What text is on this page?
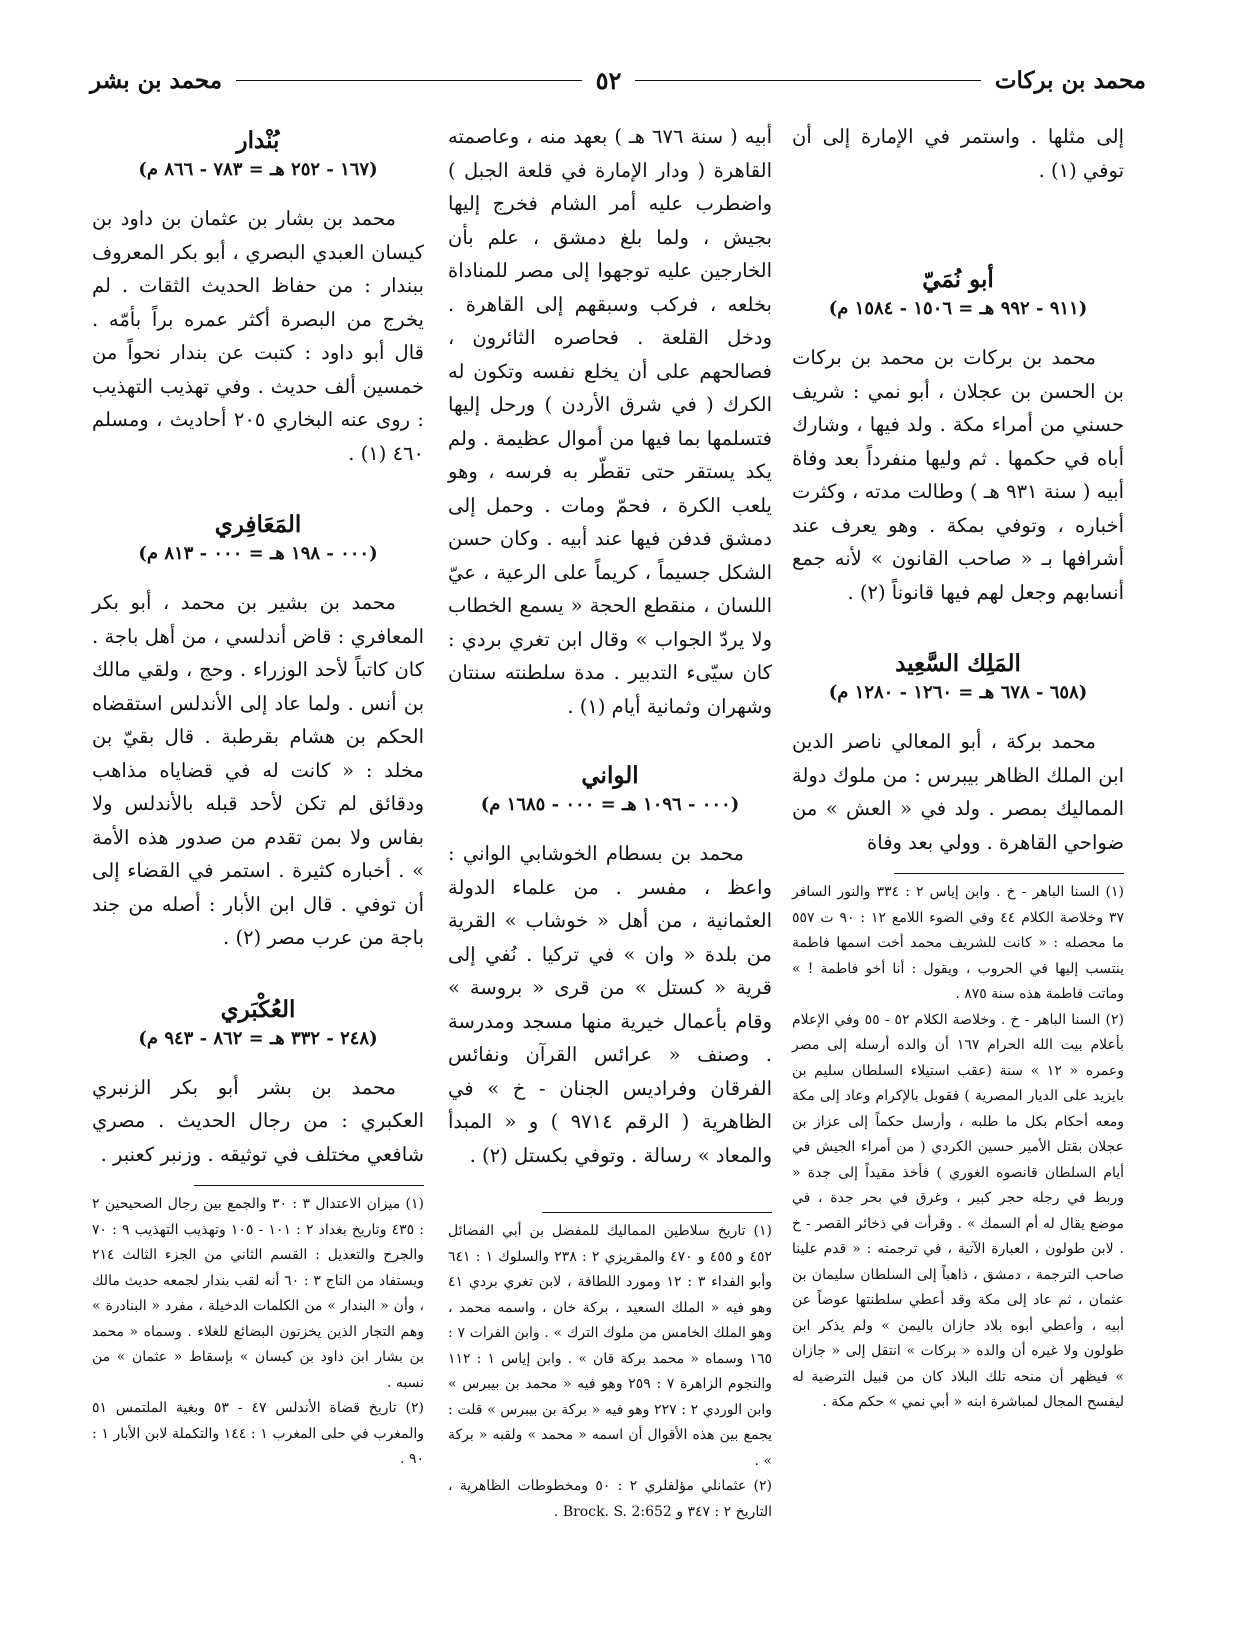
محمد بن بركات
٥٢
محمد بن بشر

إلى مثلها . واستمر في الإمارة إلى أن توفي (١) .

أبو نُمَيّ
(٩١١ - ٩٩٢ هـ = ١٥٠٦ - ١٥٨٤ م)

محمد بن بركات بن محمد بن بركات بن الحسن بن عجلان ، أبو نمي : شريف حسني من أمراء مكة . ولد فيها ، وشارك أباه في حكمها . ثم وليها منفرداً بعد وفاة أبيه ( سنة ٩٣١ هـ ) وطالت مدته ، وكثرت أخباره ، وتوفي بمكة . وهو يعرف عند أشرافها بـ « صاحب القانون » لأنه جمع أنسابهم وجعل لهم فيها قانوناً (٢) .

المَلِك السَّعِيد
(٦٥٨ - ٦٧٨ هـ = ١٢٦٠ - ١٢٨٠ م)

محمد بركة ، أبو المعالي ناصر الدين ابن الملك الظاهر بيبرس : من ملوك دولة المماليك بمصر . ولد في « العش » من ضواحي القاهرة . وولي بعد وفاة

(١) السنا الباهر - خ . وابن إياس ٢ : ٣٣٤ والنور السافر ٣٧ وخلاصة الكلام ٤٤ وفي الضوء اللامع ١٢ : ٩٠ ت ٥٥٧ ما محصله : « كانت للشريف محمد أخت اسمها فاطمة ينتسب إليها في الحروب ، ويقول : أنا أخو فاطمة ! » وماتت فاطمة هذه سنة ٨٧٥ .
(٢) السنا الباهر - خ . وخلاصة الكلام ٥٢ - ٥٥ وفي الإعلام بأعلام بيت الله الحرام ١٦٧ أن والده أرسله إلى مصر وعمره « ١٢ » سنة (عقب استيلاء السلطان سليم بن بايزيد على الديار المصرية ) فقوبل بالإكرام وعاد إلى مكة ومعه أحكام بكل ما طلبه ، وأرسل حكماً إلى عزاز بن عجلان بقتل الأمير حسين الكردي ( من أمراء الجيش في أيام السلطان قانصوه الغوري ) فأخذ مقيداً إلى جدة « وربط في رجله حجر كبير ، وغرق في بحر جدة ، في موضع يقال له أم السمك » . وقرأت في ذخائر القصر - خ . لابن طولون ، العبارة الآتية ، في ترجمته : « قدم علينا صاحب الترجمة ، دمشق ، ذاهباً إلى السلطان سليمان بن عثمان ، ثم عاد إلى مكة وقد أعطي سلطنتها عوضاً عن أبيه ، وأعطي أبوه بلاد جازان باليمن » ولم يذكر ابن طولون ولا غيره أن والده « بركات » انتقل إلى « جازان » فيظهر أن منحه تلك البلاد كان من قبيل الترضية له ليفسح المجال لمباشرة ابنه « أبي نمي » حكم مكة .

أبيه ( سنة ٦٧٦ هـ ) بعهد منه ، وعاصمته القاهرة ( ودار الإمارة في قلعة الجبل ) واضطرب عليه أمر الشام فخرج إليها بجيش ، ولما بلغ دمشق ، علم بأن الخارجين عليه توجهوا إلى مصر للمناداة بخلعه ، فركب وسبقهم إلى القاهرة . ودخل القلعة . فحاصره الثائرون ، فصالحهم على أن يخلع نفسه وتكون له الكرك ( في شرق الأردن ) ورحل إليها فتسلمها بما فيها من أموال عظيمة . ولم يكد يستقر حتى تقطّر به فرسه ، وهو يلعب الكرة ، فحمّ ومات . وحمل إلى دمشق فدفن فيها عند أبيه . وكان حسن الشكل جسيماً ، كريماً على الرعية ، عيّ اللسان ، منقطع الحجة « يسمع الخطاب ولا يردّ الجواب » وقال ابن تغري بردي : كان سيّىء التدبير . مدة سلطنته سنتان وشهران وثمانية أيام (١) .

الواني
(٠٠٠ - ١٠٩٦ هـ = ٠٠٠ - ١٦٨٥ م)

محمد بن بسطام الخوشابي الواني : واعظ ، مفسر . من علماء الدولة العثمانية ، من أهل « خوشاب » القرية من بلدة « وان » في تركيا . نُفي إلى قرية « كستل » من قرى « بروسة » وقام بأعمال خيرية منها مسجد ومدرسة . وصنف « عرائس القرآن ونفائس الفرقان وفراديس الجنان - خ » في الظاهرية ( الرقم ٩٧١٤ ) و « المبدأ والمعاد » رسالة . وتوفي بكستل (٢) .

(١) تاريخ سلاطين المماليك للمفضل بن أبي الفضائل ٤٥٢ و ٤٥٥ و ٤٧٠ والمقريزي ٢ : ٢٣٨ والسلوك ١ : ٦٤١ وأبو الفداء ٣ : ١٢ ومورد اللطافة ، لابن تغري بردي ٤١ وهو فيه « الملك السعيد ، بركة خان ، واسمه محمد ، وهو الملك الخامس من ملوك الترك » . وابن الفرات ٧ : ١٦٥ وسماه « محمد بركة قان » . وابن إياس ١ : ١١٢ والنجوم الزاهرة ٧ : ٢٥٩ وهو فيه « محمد بن بيبرس » وابن الوردي ٢ : ٢٢٧ وهو فيه « بركة بن بيبرس » قلت : يجمع بين هذه الأقوال أن اسمه « محمد » ولقبه « بركة » .
(٢) عثمانلي مؤلفلري ٢ : ٥٠ ومخطوطات الظاهرية ، التاريخ ٢ : ٣٤٧ و Brock. S. 2:652 .
بُنْدار
(١٦٧ - ٢٥٢ هـ = ٧٨٣ - ٨٦٦ م)

محمد بن بشار بن عثمان بن داود بن كيسان العبدي البصري ، أبو بكر المعروف ببندار : من حفاظ الحديث الثقات . لم يخرج من البصرة أكثر عمره براً بأمّه . قال أبو داود : كتبت عن بندار نحواً من خمسين ألف حديث . وفي تهذيب التهذيب : روى عنه البخاري ٢٠٥ أحاديث ، ومسلم ٤٦٠ (١) .

المَعَافِري
(٠٠٠ - ١٩٨ هـ = ٠٠٠ - ٨١٣ م)

محمد بن بشير بن محمد ، أبو بكر المعافري : قاض أندلسي ، من أهل باجة . كان كاتباً لأحد الوزراء . وحج ، ولقي مالك بن أنس . ولما عاد إلى الأندلس استقضاه الحكم بن هشام بقرطبة . قال بقيّ بن مخلد : « كانت له في قضاياه مذاهب ودقائق لم تكن لأحد قبله بالأندلس ولا بفاس ولا بمن تقدم من صدور هذه الأمة » . أخباره كثيرة . استمر في القضاء إلى أن توفي . قال ابن الأبار : أصله من جند باجة من عرب مصر (٢) .

العُكْبَري
(٢٤٨ - ٣٣٢ هـ = ٨٦٢ - ٩٤٣ م)

محمد بن بشر أبو بكر الزنبري العكبري : من رجال الحديث . مصري شافعي مختلف في توثيقه . وزنبر كعنبر .

(١) ميزان الاعتدال ٣ : ٣٠ والجمع بين رجال الصحيحين ٢ : ٤٣٥ وتاريخ بغداد ٢ : ١٠١ - ١٠٥ وتهذيب التهذيب ٩ : ٧٠ والجرح والتعديل : القسم الثاني من الجزء الثالث ٢١٤ ويستفاد من التاج ٣ : ٦٠ أنه لقب بندار لجمعه حديث مالك ، وأن « البندار » من الكلمات الدخيلة ، مفرد « البنادرة » وهم التجار الذين يخزنون البضائع للغلاء . وسماه « محمد بن بشار ابن داود بن كيسان » بإسقاط « عثمان » من نسبه .
(٢) تاريخ قضاة الأندلس ٤٧ - ٥٣ وبغية الملتمس ٥١ والمغرب في حلى المغرب ١ : ١٤٤ والتكملة لابن الأبار ١ : ٩٠ .
